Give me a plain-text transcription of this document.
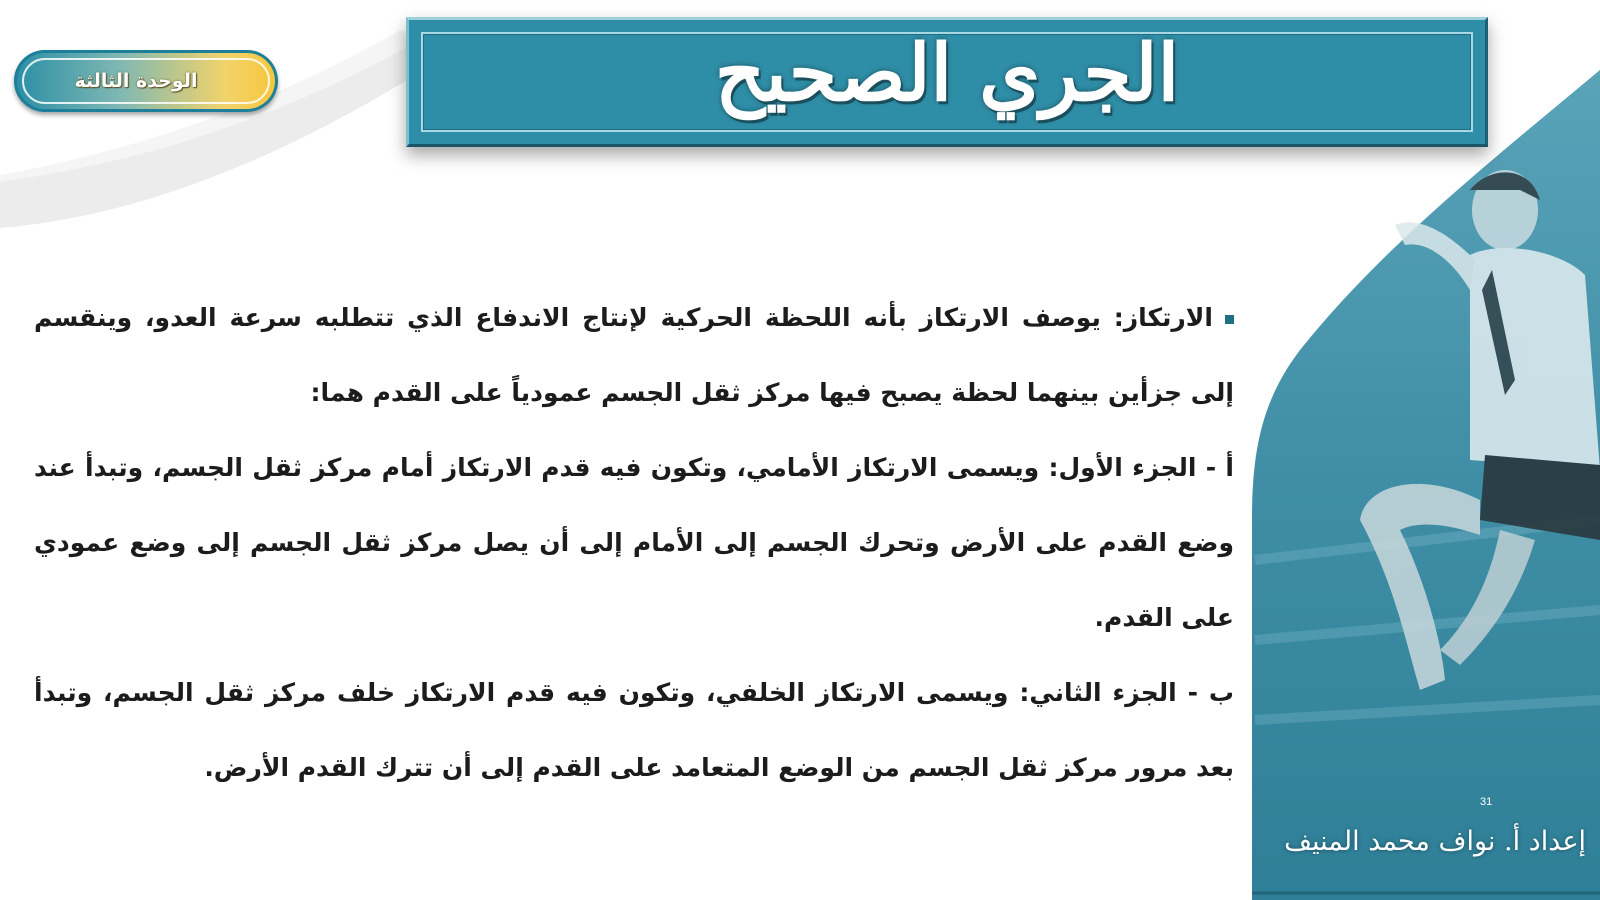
الوحدة الثالثة	الجري الصحيح

الارتكاز: يوصف الارتكاز بأنه اللحظة الحركية لإنتاج الاندفاع الذي تتطلبه سرعة العدو، وينقسم إلى جزأين بينهما لحظة يصبح فيها مركز ثقل الجسم عمودياً على القدم هما:

أ - الجزء الأول: ويسمى الارتكاز الأمامي، وتكون فيه قدم الارتكاز أمام مركز ثقل الجسم، وتبدأ عند وضع القدم على الأرض وتحرك الجسم إلى الأمام إلى أن يصل مركز ثقل الجسم إلى وضع عمودي على القدم.

ب - الجزء الثاني: ويسمى الارتكاز الخلفي، وتكون فيه قدم الارتكاز خلف مركز ثقل الجسم، وتبدأ بعد مرور مركز ثقل الجسم من الوضع المتعامد على القدم إلى أن تترك القدم الأرض.

31
إعداد أ. نواف محمد المنيف
